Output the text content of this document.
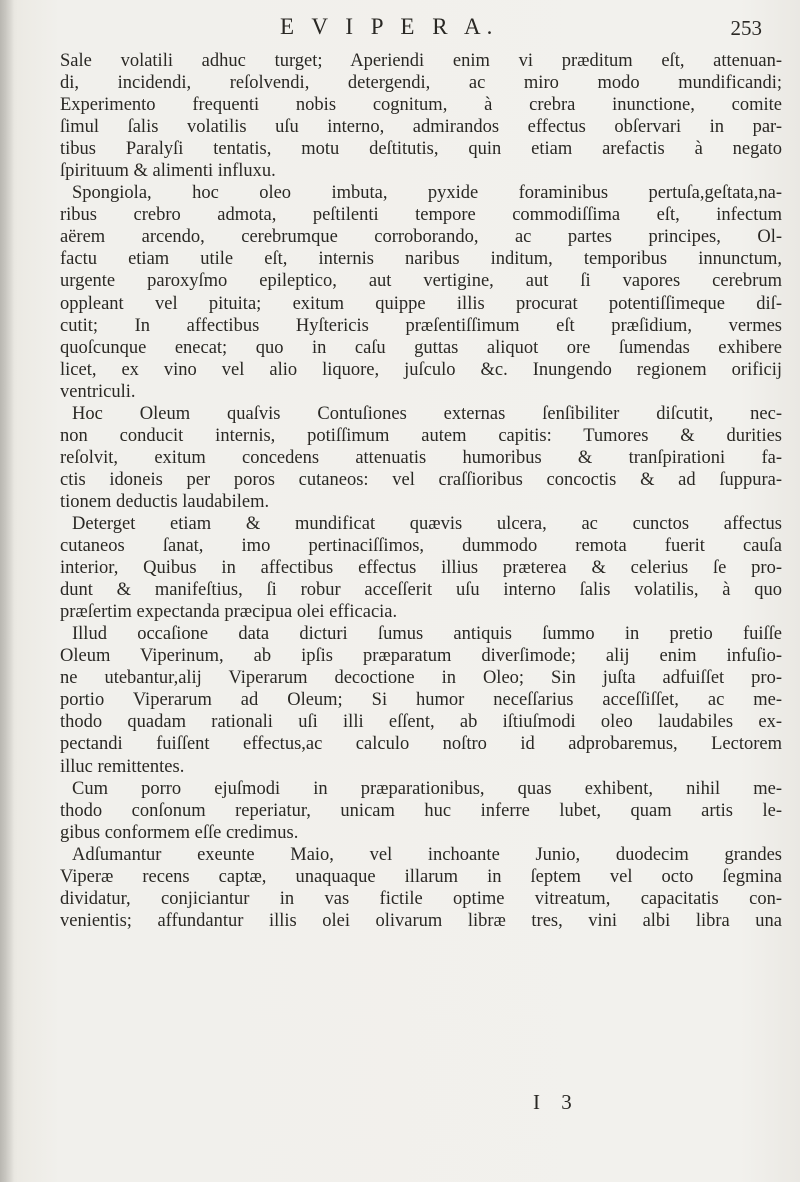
E V I P E R A.	253
Sale volatili adhuc turget; Aperiendi enim vi præditum eſt, attenuan-
di, incidendi, reſolvendi, detergendi, ac miro modo mundificandi;
Experimento frequenti nobis cognitum, à crebra inunctione, comite
ſimul ſalis volatilis uſu interno, admirandos effectus obſervari in par-
tibus Paralyſi tentatis, motu deſtitutis, quin etiam arefactis à negato
ſpirituum & alimenti influxu.
Spongiola, hoc oleo imbuta, pyxide foraminibus pertuſa,geſtata,na-
ribus crebro admota, peſtilenti tempore commodiſſima eſt, infectum
aërem arcendo, cerebrumque corroborando, ac partes principes, Ol-
factu etiam utile eſt, internis naribus inditum, temporibus innunctum,
urgente paroxyſmo epileptico, aut vertigine, aut ſi vapores cerebrum
oppleant vel pituita; exitum quippe illis procurat potentiſſimeque diſ-
cutit; In affectibus Hyſtericis præſentiſſimum eſt præſidium, vermes
quoſcunque enecat; quo in caſu guttas aliquot ore ſumendas exhibere
licet, ex vino vel alio liquore, juſculo &c. Inungendo regionem orificij
ventriculi.
Hoc Oleum quaſvis Contuſiones externas ſenſibiliter diſcutit, nec-
non conducit internis, potiſſimum autem capitis: Tumores & durities
reſolvit, exitum concedens attenuatis humoribus & tranſpirationi fa-
ctis idoneis per poros cutaneos: vel craſſioribus concoctis & ad ſuppura-
tionem deductis laudabilem.
Deterget etiam & mundificat quævis ulcera, ac cunctos affectus
cutaneos ſanat, imo pertinaciſſimos, dummodo remota fuerit cauſa
interior, Quibus in affectibus effectus illius præterea & celerius ſe pro-
dunt & manifeſtius, ſi robur acceſſerit uſu interno ſalis volatilis, à quo
præſertim expectanda præcipua olei efficacia.
Illud occaſione data dicturi ſumus antiquis ſummo in pretio fuiſſe
Oleum Viperinum, ab ipſis præparatum diverſimode; alij enim infuſio-
ne utebantur,alij Viperarum decoctione in Oleo; Sin juſta adfuiſſet pro-
portio Viperarum ad Oleum; Si humor neceſſarius acceſſiſſet, ac me-
thodo quadam rationali uſi illi eſſent, ab iſtiuſmodi oleo laudabiles ex-
pectandi fuiſſent effectus,ac calculo noſtro id adprobaremus, Lectorem
illuc remittentes.
Cum porro ejuſmodi in præparationibus, quas exhibent, nihil me-
thodo conſonum reperiatur, unicam huc inferre lubet, quam artis le-
gibus conformem eſſe credimus.
Adſumantur exeunte Maio, vel inchoante Junio, duodecim grandes
Viperæ recens captæ, unaquaque illarum in ſeptem vel octo ſegmina
dividatur, conjiciantur in vas fictile optime vitreatum, capacitatis con-
venientis; affundantur illis olei olivarum libræ tres, vini albi libra una
I 3
